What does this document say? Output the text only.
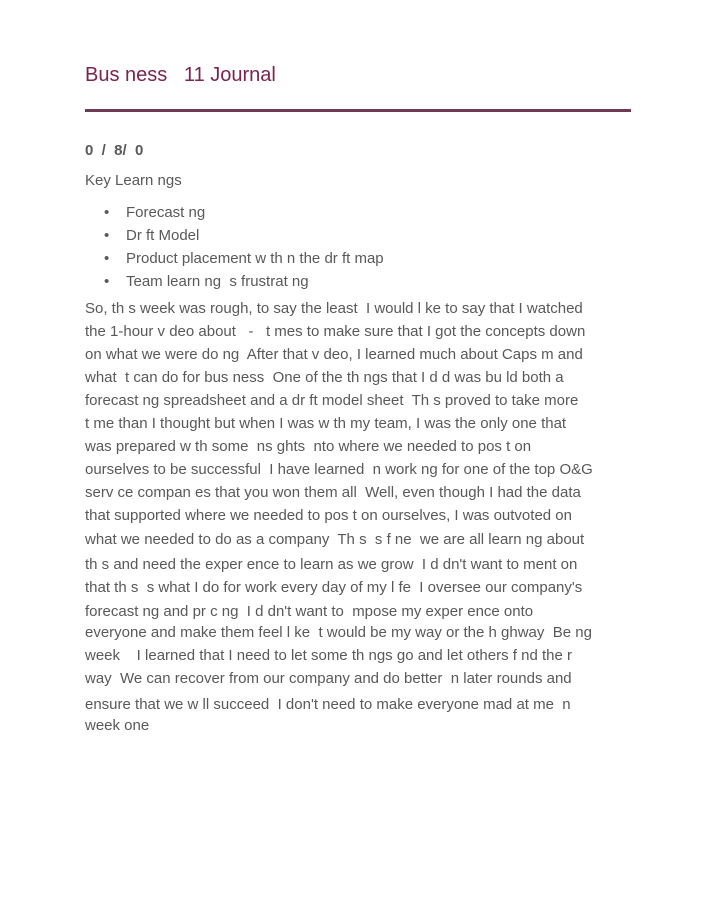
Bus ness   11 Journal
0  /  8/  0
Key Learn ngs
• Forecast ng
• Dr ft Model
• Product placement w th n the dr ft map
• Team learn ng  s frustrat ng
So, th s week was rough, to say the least  I would l ke to say that I watched
the 1-hour v deo about   -   t mes to make sure that I got the concepts down
on what we were do ng  After that v deo, I learned much about Caps m and
what  t can do for bus ness  One of the th ngs that I d d was bu ld both a
forecast ng spreadsheet and a dr ft model sheet  Th s proved to take more
t me than I thought but when I was w th my team, I was the only one that
was prepared w th some  ns ghts  nto where we needed to pos t on
ourselves to be successful  I have learned  n work ng for one of the top O&G
serv ce compan es that you won them all  Well, even though I had the data
that supported where we needed to pos t on ourselves, I was outvoted on
what we needed to do as a company  Th s  s f ne  we are all learn ng about
th s and need the exper ence to learn as we grow  I d dn't want to ment on
that th s  s what I do for work every day of my l fe  I oversee our company's
forecast ng and pr c ng  I d dn't want to  mpose my exper ence onto
everyone and make them feel l ke  t would be my way or the h ghway  Be ng
week    I learned that I need to let some th ngs go and let others f nd the r
way  We can recover from our company and do better  n later rounds and
ensure that we w ll succeed  I don't need to make everyone mad at me  n
week one
